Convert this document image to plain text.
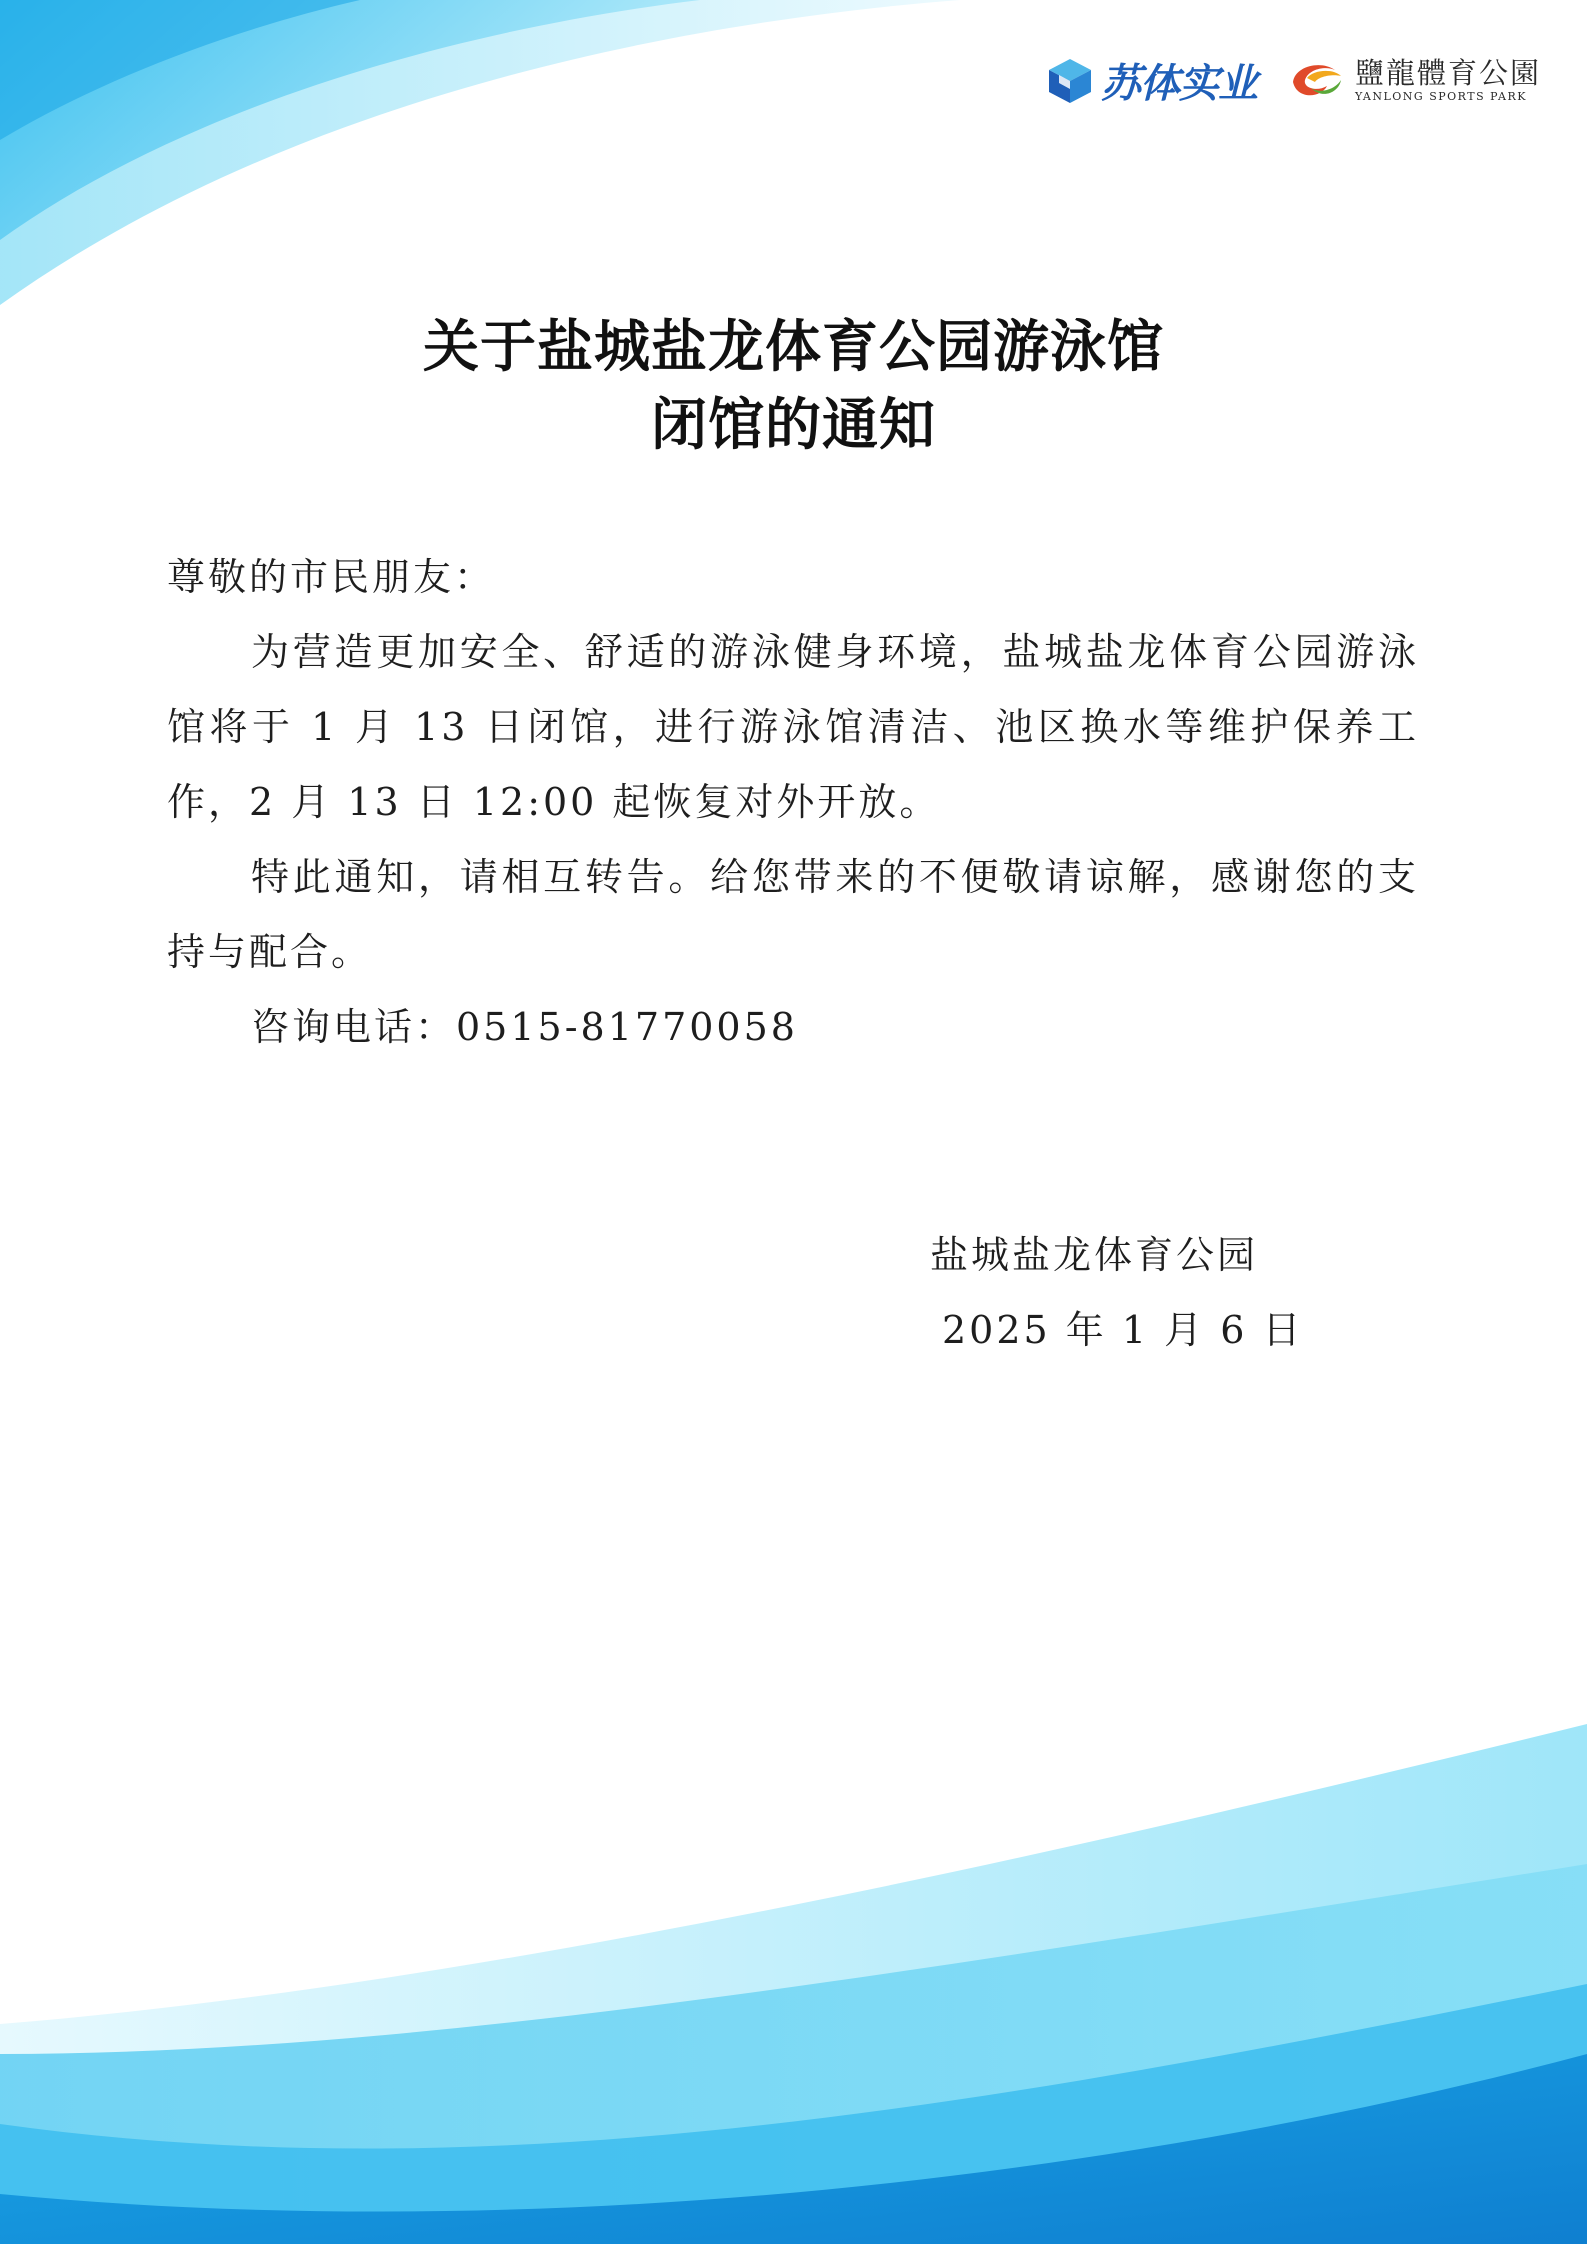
苏体实业	鹽龍體育公園
YANLONG SPORTS PARK
关于盐城盐龙体育公园游泳馆
闭馆的通知

尊敬的市民朋友：

为营造更加安全、舒适的游泳健身环境，盐城盐龙体育公园游泳馆将于 1 月 13 日闭馆，进行游泳馆清洁、池区换水等维护保养工作，2 月 13 日 12:00 起恢复对外开放。

特此通知，请相互转告。给您带来的不便敬请谅解，感谢您的支持与配合。

咨询电话：0515-81770058

盐城盐龙体育公园
2025 年 1 月 6 日
